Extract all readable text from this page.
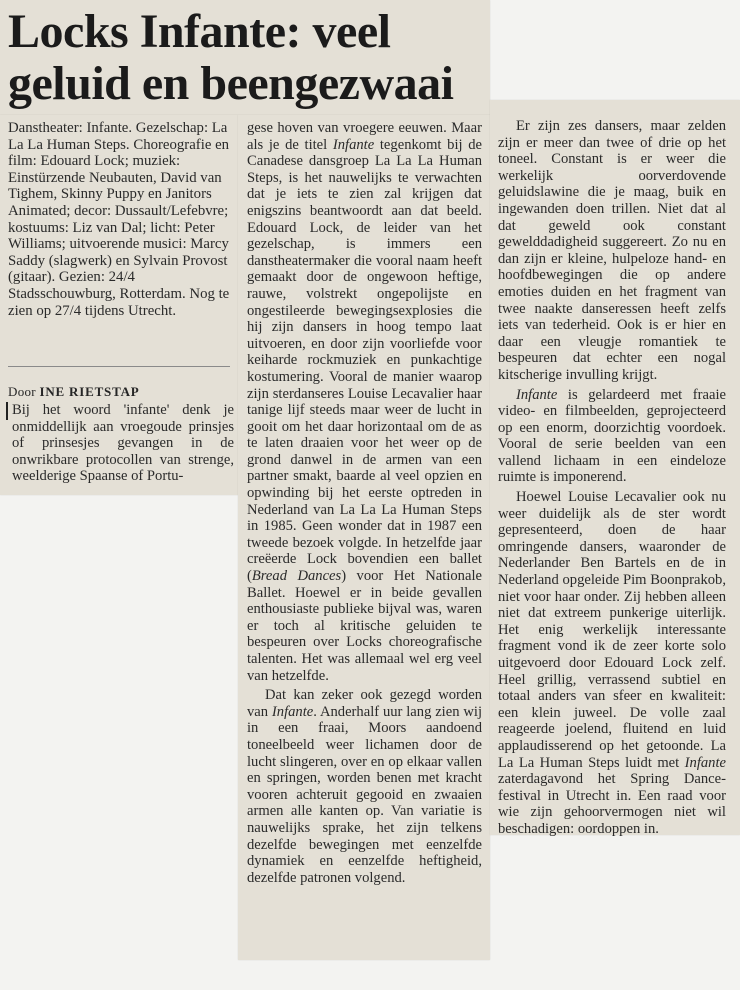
Locks Infante: veel geluid en beengezwaai

Danstheater: Infante. Gezelschap: La La La Human Steps. Choreografie en film: Edouard Lock; muziek: Einstürzende Neubauten, David van Tighem, Skinny Puppy en Janitors Animated; decor: Dussault/Lefebvre; kostuums: Liz van Dal; licht: Peter Williams; uitvoerende musici: Marcy Saddy (slagwerk) en Sylvain Provost (gitaar). Gezien: 24/4 Stadsschouwburg, Rotterdam. Nog te zien op 27/4 tijdens Utrecht.

Door INE RIETSTAP

Bij het woord 'infante' denk je onmiddellijk aan vroegoude prinsjes of prinsesjes gevangen in de onwrikbare protocollen van strenge, weelderige Spaanse of Portu-

gese hoven van vroegere eeuwen. Maar als je de titel Infante tegenkomt bij de Canadese dansgroep La La La Human Steps, is het nauwelijks te verwachten dat je iets te zien zal krijgen dat enigszins beantwoordt aan dat beeld. Edouard Lock, de leider van het gezelschap, is immers een danstheatermaker die vooral naam heeft gemaakt door de ongewoon heftige, rauwe, volstrekt ongepolijste en ongestileerde bewegingsexplosies die hij zijn dansers in hoog tempo laat uitvoeren, en door zijn voorliefde voor keiharde rockmuziek en punkachtige kostumering. Vooral de manier waarop zijn sterdanseres Louise Lecavalier haar tanige lijf steeds maar weer de lucht in gooit om het daar horizontaal om de as te laten draaien voor het weer op de grond danwel in de armen van een partner smakt, baarde al veel opzien en opwinding bij het eerste optreden in Nederland van La La La Human Steps in 1985. Geen wonder dat in 1987 een tweede bezoek volgde. In hetzelfde jaar creëerde Lock bovendien een ballet (Bread Dances) voor Het Nationale Ballet. Hoewel er in beide gevallen enthousiaste publieke bijval was, waren er toch al kritische geluiden te bespeuren over Locks choreografische talenten. Het was allemaal wel erg veel van hetzelfde.

Dat kan zeker ook gezegd worden van Infante. Anderhalf uur lang zien wij in een fraai, Moors aandoend toneelbeeld weer lichamen door de lucht slingeren, over en op elkaar vallen en springen, worden benen met kracht vooren achteruit gegooid en zwaaien armen alle kanten op. Van variatie is nauwelijks sprake, het zijn telkens dezelfde bewegingen met eenzelfde dynamiek en eenzelfde heftigheid, dezelfde patronen volgend.

Er zijn zes dansers, maar zelden zijn er meer dan twee of drie op het toneel. Constant is er weer die werkelijk oorverdovende geluidslawine die je maag, buik en ingewanden doen trillen. Niet dat al dat geweld ook constant gewelddadigheid suggereert. Zo nu en dan zijn er kleine, hulpeloze hand- en hoofdbewegingen die op andere emoties duiden en het fragment van twee naakte danseressen heeft zelfs iets van tederheid. Ook is er hier en daar een vleugje romantiek te bespeuren dat echter een nogal kitscherige invulling krijgt.

Infante is gelardeerd met fraaie video- en filmbeelden, geprojecteerd op een enorm, doorzichtig voordoek. Vooral de serie beelden van een vallend lichaam in een eindeloze ruimte is imponerend.

Hoewel Louise Lecavalier ook nu weer duidelijk als de ster wordt gepresenteerd, doen de haar omringende dansers, waaronder de Nederlander Ben Bartels en de in Nederland opgeleide Pim Boonprakob, niet voor haar onder. Zij hebben alleen niet dat extreem punkerige uiterlijk. Het enig werkelijk interessante fragment vond ik de zeer korte solo uitgevoerd door Edouard Lock zelf. Heel grillig, verrassend subtiel en totaal anders van sfeer en kwaliteit: een klein juweel. De volle zaal reageerde joelend, fluitend en luid applaudisserend op het getoonde. La La La Human Steps luidt met Infante zaterdagavond het Spring Dance-festival in Utrecht in. Een raad voor wie zijn gehoorvermogen niet wil beschadigen: oordoppen in.
